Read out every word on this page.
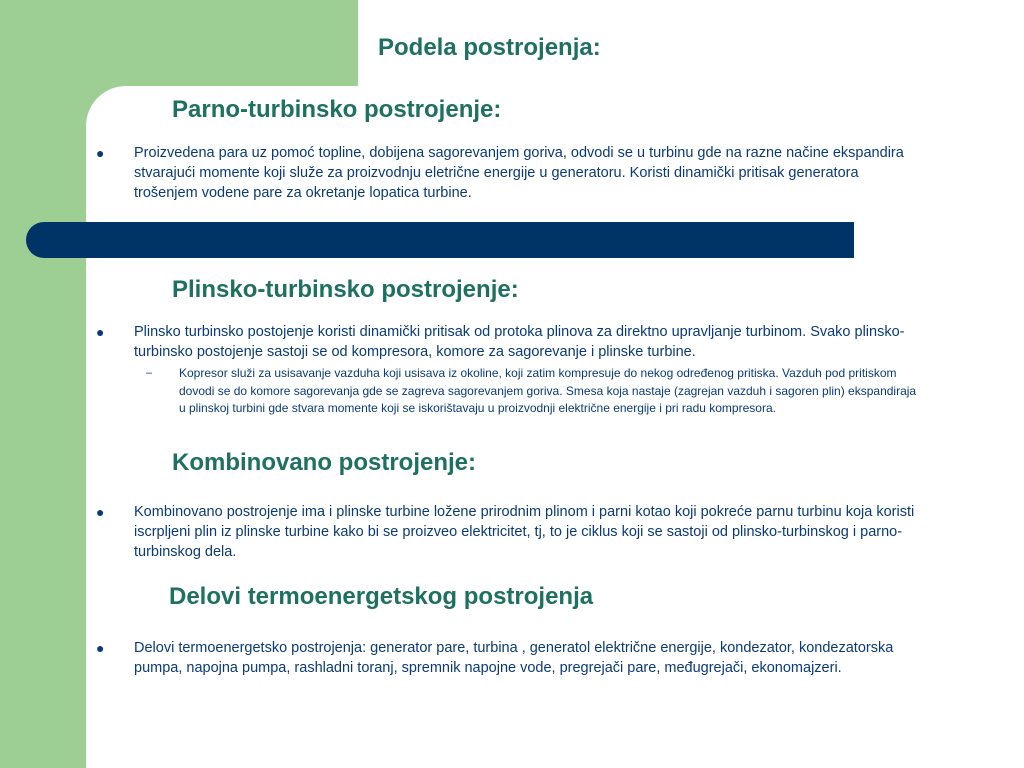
Podela postrojenja:
Parno-turbinsko postrojenje:
● Proizvedena para uz pomoć topline, dobijena sagorevanjem goriva, odvodi se u turbinu gde na razne načine ekspandira stvarajući momente koji služe za proizvodnju eletrične energije u generatoru. Koristi dinamički pritisak generatora trošenjem vodene pare za okretanje lopatica turbine.
Plinsko-turbinsko postrojenje:
● Plinsko turbinsko postojenje koristi dinamički pritisak od protoka plinova za direktno upravljanje turbinom. Svako plinsko-turbinsko postojenje sastoji se od kompresora, komore za sagorevanje i plinske turbine.
– Kopresor služi za usisavanje vazduha koji usisava iz okoline, koji zatim kompresuje do nekog određenog pritiska. Vazduh pod pritiskom dovodi se do komore sagorevanja gde se zagreva sagorevanjem goriva. Smesa koja nastaje (zagrejan vazduh i sagoren plin) ekspandiraja u plinskoj turbini gde stvara momente koji se iskorištavaju u proizvodnji električne energije i pri radu kompresora.
Kombinovano postrojenje:
● Kombinovano postrojenje ima i plinske turbine ložene prirodnim plinom i parni kotao koji pokreće parnu turbinu koja koristi iscrpljeni plin iz plinske turbine kako bi se proizveo elektricitet, tj, to je ciklus koji se sastoji od plinsko-turbinskog i parno-turbinskog dela.
Delovi termoenergetskog postrojenja
● Delovi termoenergetsko postrojenja: generator pare, turbina , generatol električne energije, kondezator, kondezatorska pumpa, napojna pumpa, rashladni toranj, spremnik napojne vode, pregrejači pare, međugrejači, ekonomajzeri.
